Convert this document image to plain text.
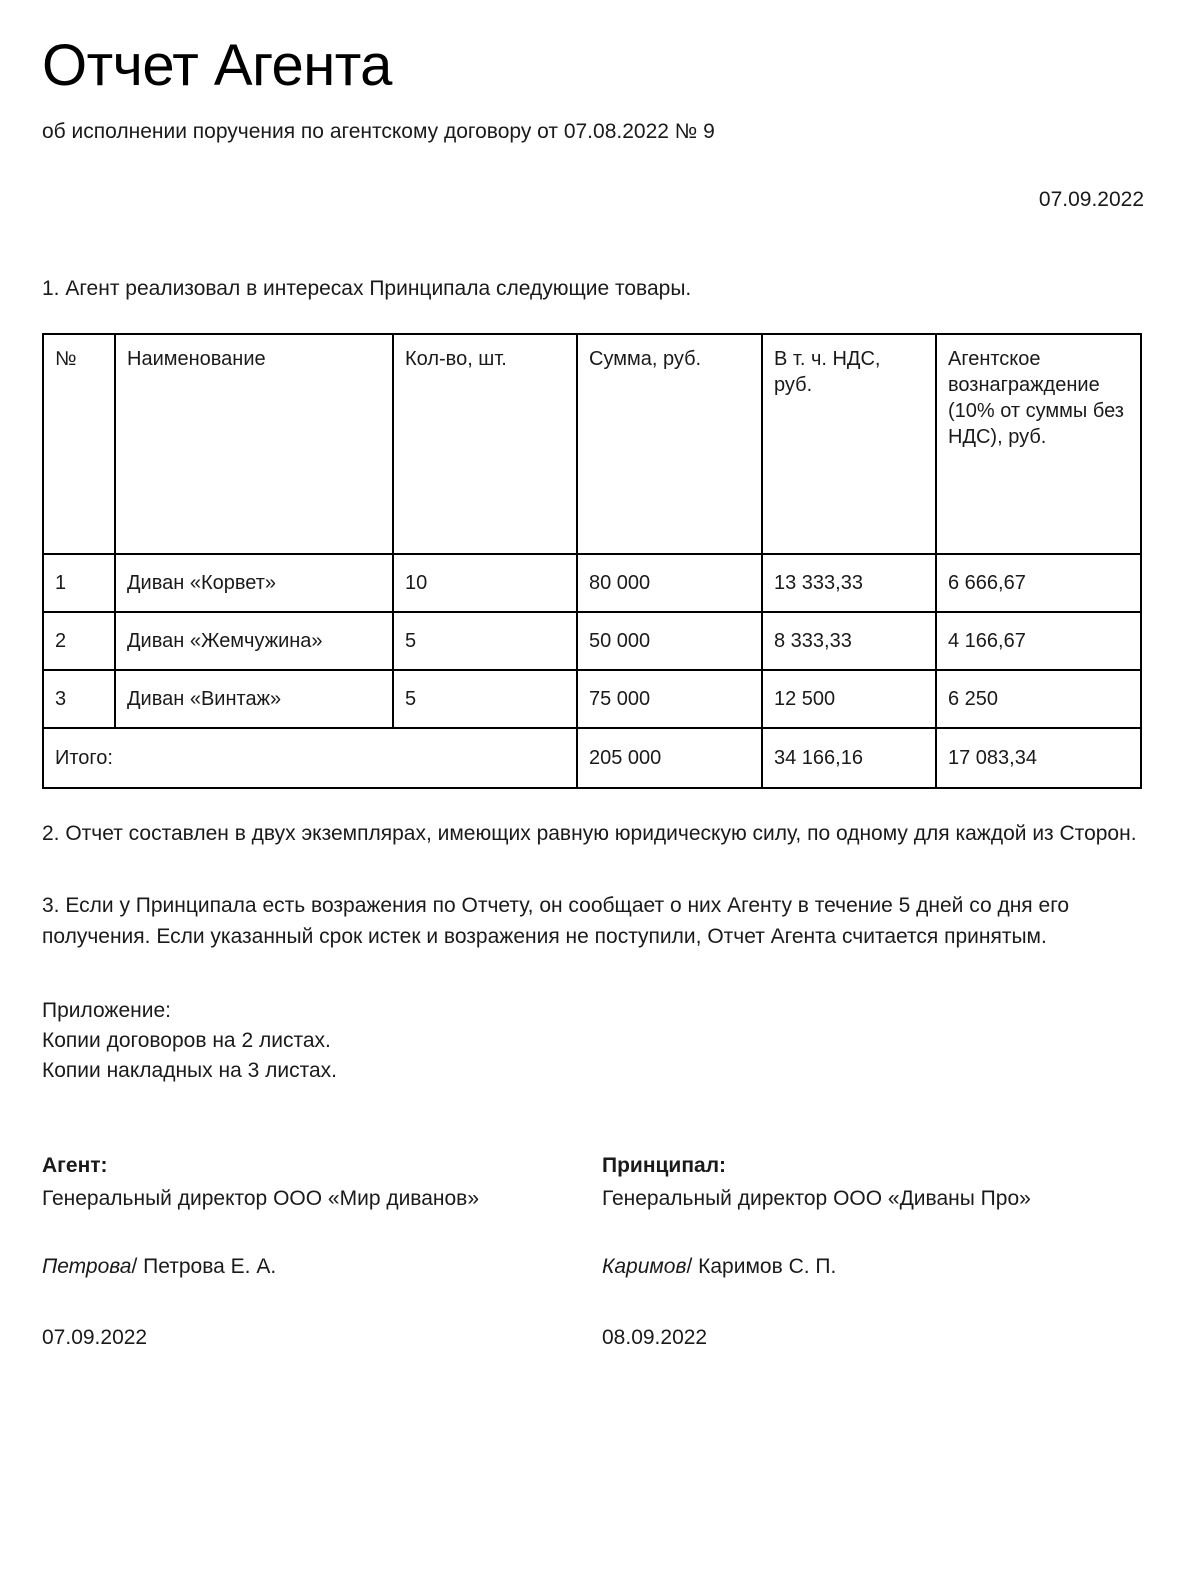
Отчет Агента

об исполнении поручения по агентскому договору от 07.08.2022 № 9

07.09.2022

1. Агент реализовал в интересах Принципала следующие товары.

№	Наименование	Кол-во, шт.	Сумма, руб.	В т. ч. НДС, руб.	Агентское вознаграждение (10% от суммы без НДС), руб.
1	Диван «Корвет»	10	80 000	13 333,33	6 666,67
2	Диван «Жемчужина»	5	50 000	8 333,33	4 166,67
3	Диван «Винтаж»	5	75 000	12 500	6 250
Итого:			205 000	34 166,16	17 083,34

2. Отчет составлен в двух экземплярах, имеющих равную юридическую силу, по одному для каждой из Сторон.

3. Если у Принципала есть возражения по Отчету, он сообщает о них Агенту в течение 5 дней со дня его получения. Если указанный срок истек и возражения не поступили, Отчет Агента считается принятым.

Приложение:
Копии договоров на 2 листах.
Копии накладных на 3 листах.
Агент:
Генеральный директор ООО «Мир диванов»
Петрова/ Петрова Е. А.
07.09.2022
Принципал:
Генеральный директор ООО «Диваны Про»
Каримов/ Каримов С. П.
08.09.2022
